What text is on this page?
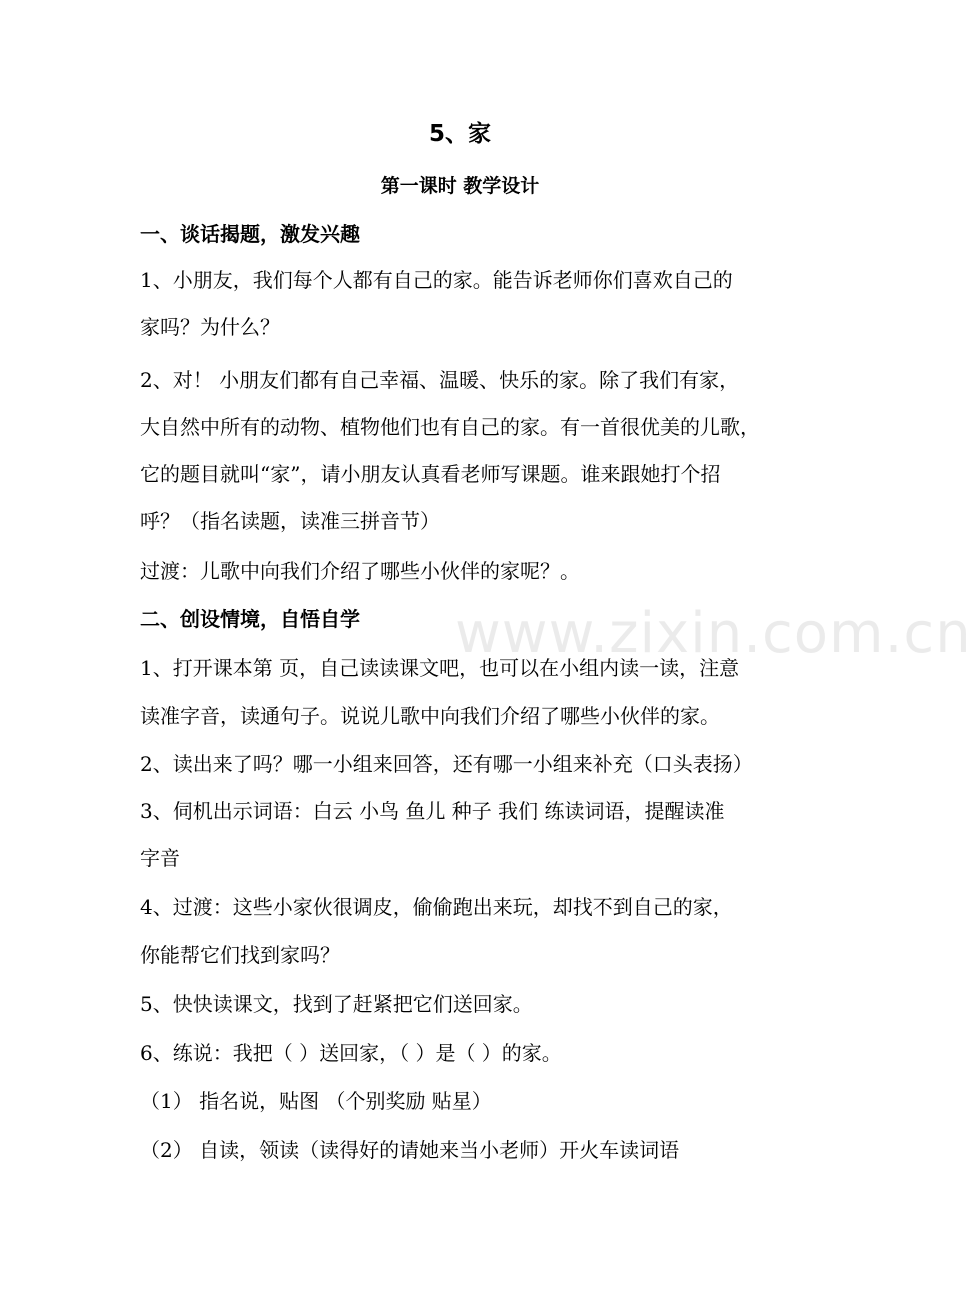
5、家
第一课时 教学设计
一、谈话揭题，激发兴趣
1、小朋友，我们每个人都有自己的家。能告诉老师你们喜欢自己的
家吗？为什么？
2、对！ 小朋友们都有自己幸福、温暖、快乐的家。除了我们有家，
大自然中所有的动物、植物他们也有自己的家。有一首很优美的儿歌，
它的题目就叫“家”，请小朋友认真看老师写课题。谁来跟她打个招
呼？（指名读题，读准三拼音节）
过渡：儿歌中向我们介绍了哪些小伙伴的家呢？。
二、创设情境，自悟自学
1、打开课本第 页，自己读读课文吧，也可以在小组内读一读，注意
读准字音，读通句子。说说儿歌中向我们介绍了哪些小伙伴的家。
2、读出来了吗？哪一小组来回答，还有哪一小组来补充（口头表扬）
3、伺机出示词语：白云 小鸟 鱼儿 种子 我们 练读词语，提醒读准
字音
4、过渡：这些小家伙很调皮，偷偷跑出来玩，却找不到自己的家，
你能帮它们找到家吗？
5、快快读课文，找到了赶紧把它们送回家。
6、练说：我把（ ）送回家，（ ）是（ ）的家。
（1） 指名说，贴图 （个别奖励 贴星）
（2） 自读，领读（读得好的请她来当小老师）开火车读词语
www.zixin.com.cn
